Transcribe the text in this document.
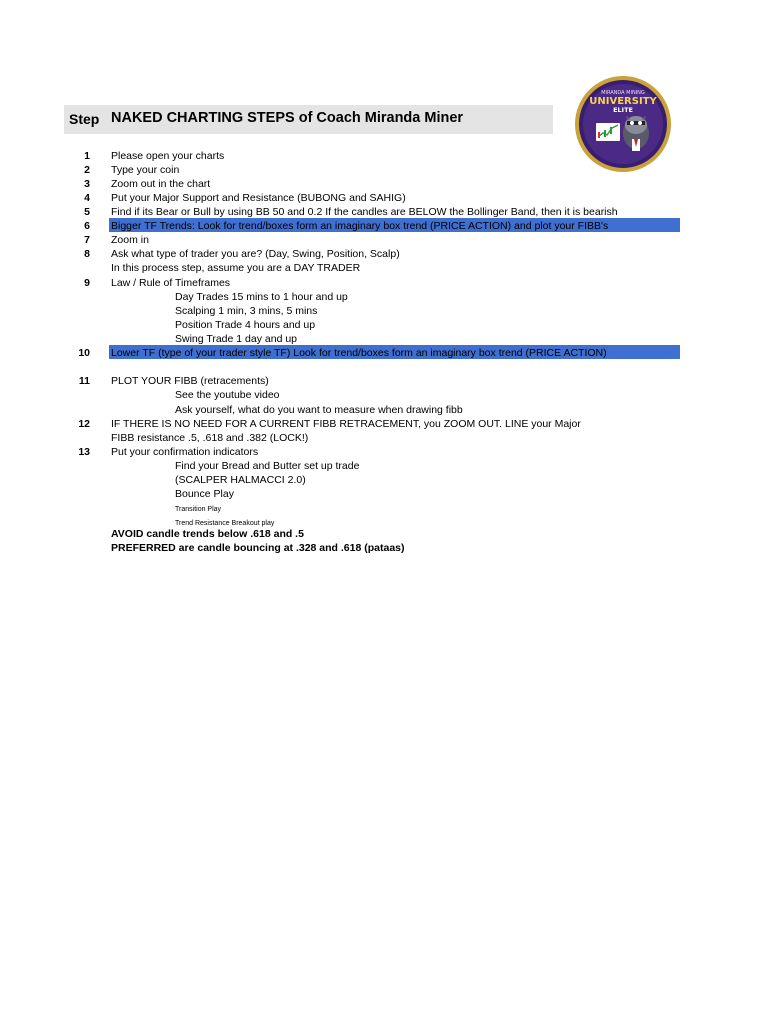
Step NAKED CHARTING STEPS of Coach Miranda Miner
MIRANDA MINING
UNIVERSITY
ELITE
1 Please open your charts
2 Type your coin
3 Zoom out in the chart
4 Put your Major Support and Resistance (BUBONG and SAHIG)
5 Find if its Bear or Bull by using BB 50 and 0.2 If the candles are BELOW the Bollinger Band, then it is bearish
6 Bigger TF Trends: Look for trend/boxes form an imaginary box trend (PRICE ACTION) and plot your FIBB's
7 Zoom in
8 Ask what type of trader you are? (Day, Swing, Position, Scalp)
In this process step, assume you are a DAY TRADER
9 Law / Rule of Timeframes
Day Trades 15 mins to 1 hour and up
Scalping 1 min, 3 mins, 5 mins
Position Trade 4 hours and up
Swing Trade 1 day and up
10 Lower TF (type of your trader style TF) Look for trend/boxes form an imaginary box trend (PRICE ACTION)
11 PLOT YOUR FIBB (retracements)
See the youtube video
Ask yourself, what do you want to measure when drawing fibb
12 IF THERE IS NO NEED FOR A CURRENT FIBB RETRACEMENT, you ZOOM OUT. LINE your Major
FIBB resistance .5, .618 and .382 (LOCK!)
13 Put your confirmation indicators
Find your Bread and Butter set up trade
(SCALPER HALMACCI 2.0)
Bounce Play
Transition Play
Trend Resistance Breakout play
AVOID candle trends below .618 and .5
PREFERRED are candle bouncing at .328 and .618 (pataas)
